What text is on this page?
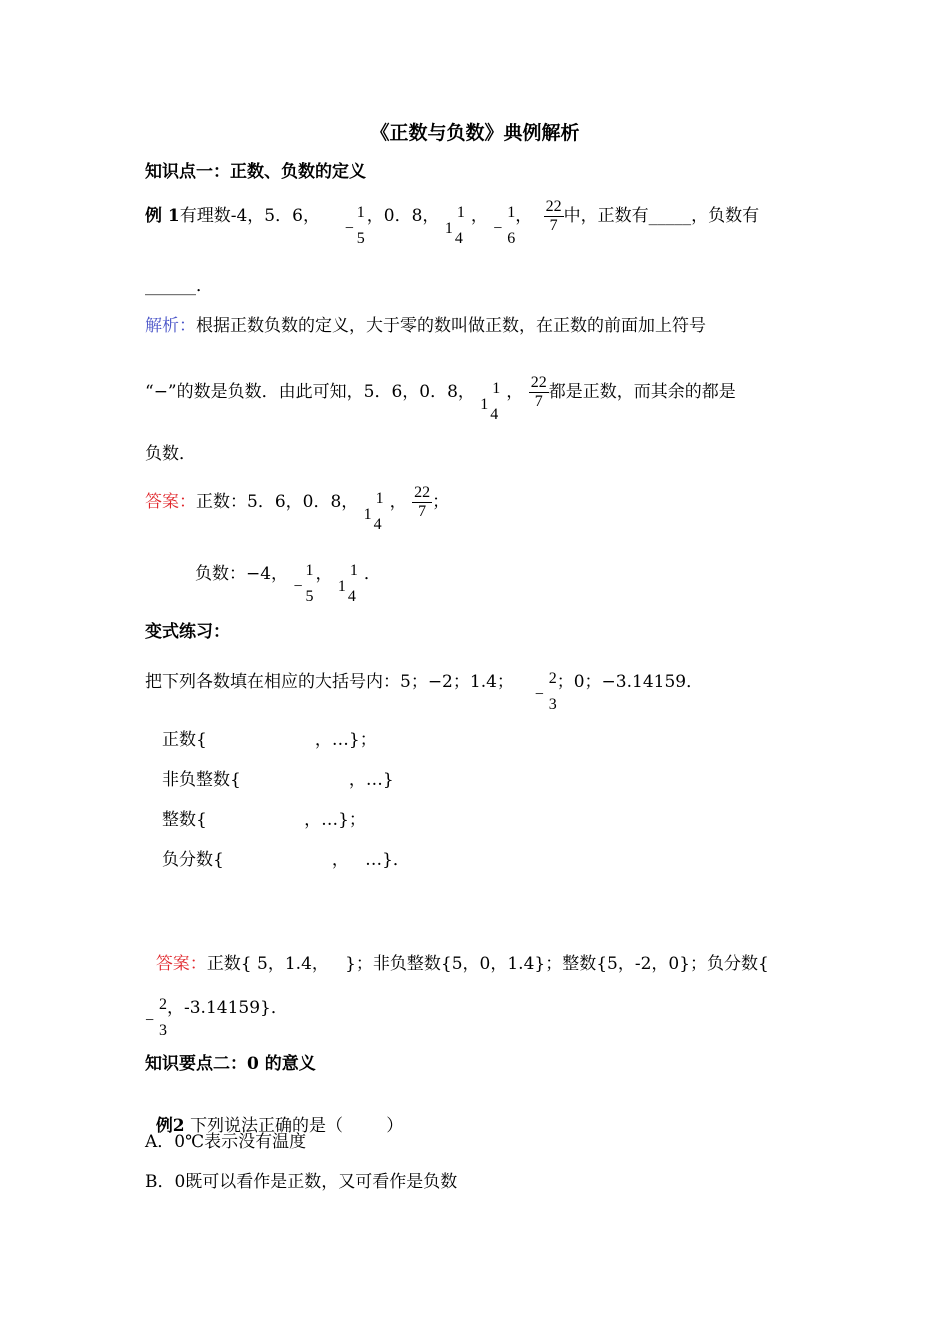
《正数与负数》典例解析
知识点一：正数、负数的定义
例 1有理数-4，5．6，
−
1
5
，0．8，
1
1
4
，
−
1
6
， $\frac{22}{7}$ 中，正数有_____，负数有
______．
解析：根据正数负数的定义，大于零的数叫做正数，在正数的前面加上符号
“−”的数是负数．由此可知，5．6，0．8，
1
1
4
， $\frac{22}{7}$ 都是正数，而其余的都是
负数．
答案：正数：5．6，0．8，
1
1
4
， $\frac{22}{7}$ ；
负数：−4，
−
1
5
，
1
1
4
．
变式练习：
把下列各数填在相应的大括号内：5；−2；1.4；
−
2
3
；0；−3.14159．
正数{                    ，…}；
非负整数{                    ，…}
整数{                  ，…}；
负分数{                    ，   …}．

答案：正数{ 5，1.4，   }；非负整数{5，0，1.4}；整数{5，-2，0}；负分数{

−
2
3
，-3.14159}．
知识要点二：0 的意义

例2 下列说法正确的是（        ）

A．0℃表示没有温度
B．0既可以看作是正数，又可看作是负数
